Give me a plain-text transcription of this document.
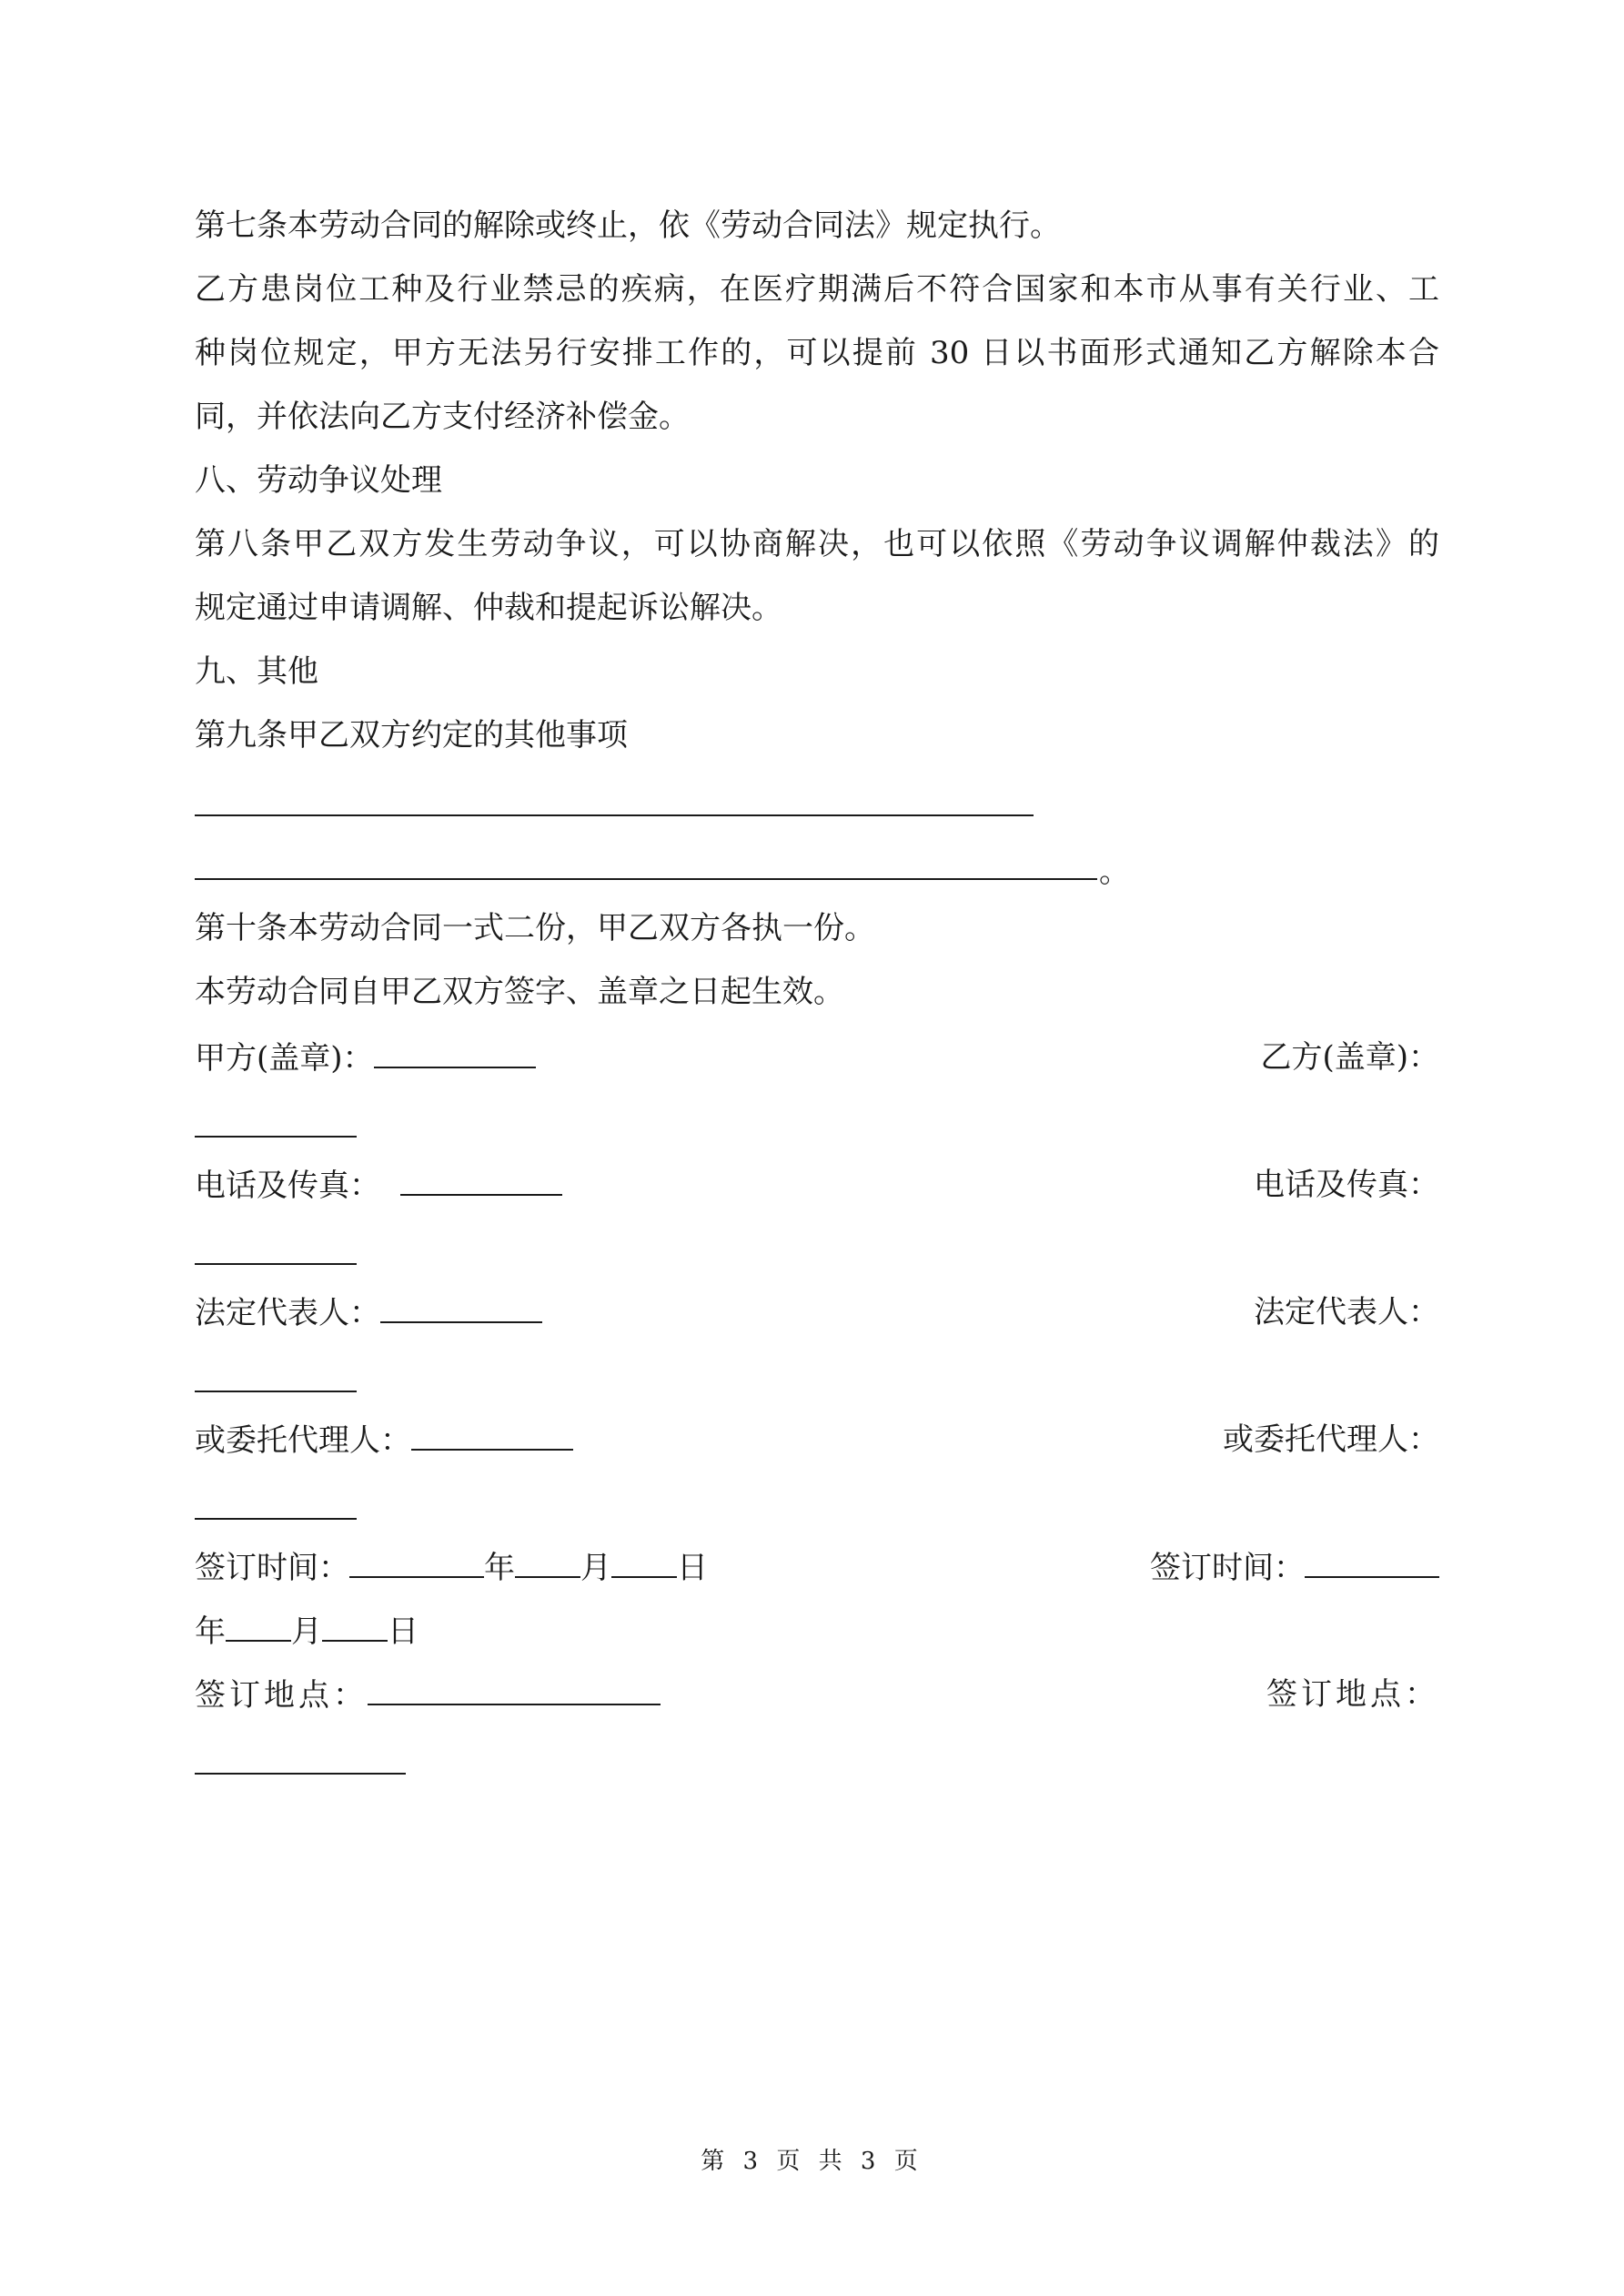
第七条本劳动合同的解除或终止，依《劳动合同法》规定执行。
乙方患岗位工种及行业禁忌的疾病，在医疗期满后不符合国家和本市从事有关行业、工
种岗位规定，甲方无法另行安排工作的，可以提前 30 日以书面形式通知乙方解除本合
同，并依法向乙方支付经济补偿金。
八、劳动争议处理
第八条甲乙双方发生劳动争议，可以协商解决，也可以依照《劳动争议调解仲裁法》的
规定通过申请调解、仲裁和提起诉讼解决。
九、其他
第九条甲乙双方约定的其他事项
。
第十条本劳动合同一式二份，甲乙双方各执一份。
本劳动合同自甲乙双方签字、盖章之日起生效。
甲方(盖章)：	乙方(盖章)：
电话及传真：	电话及传真：
法定代表人：	法定代表人：
或委托代理人：	或委托代理人：
签订时间：	年 月 日	签订时间：
年 月 日
签订地点：	签订地点：
第 3 页 共 3 页
